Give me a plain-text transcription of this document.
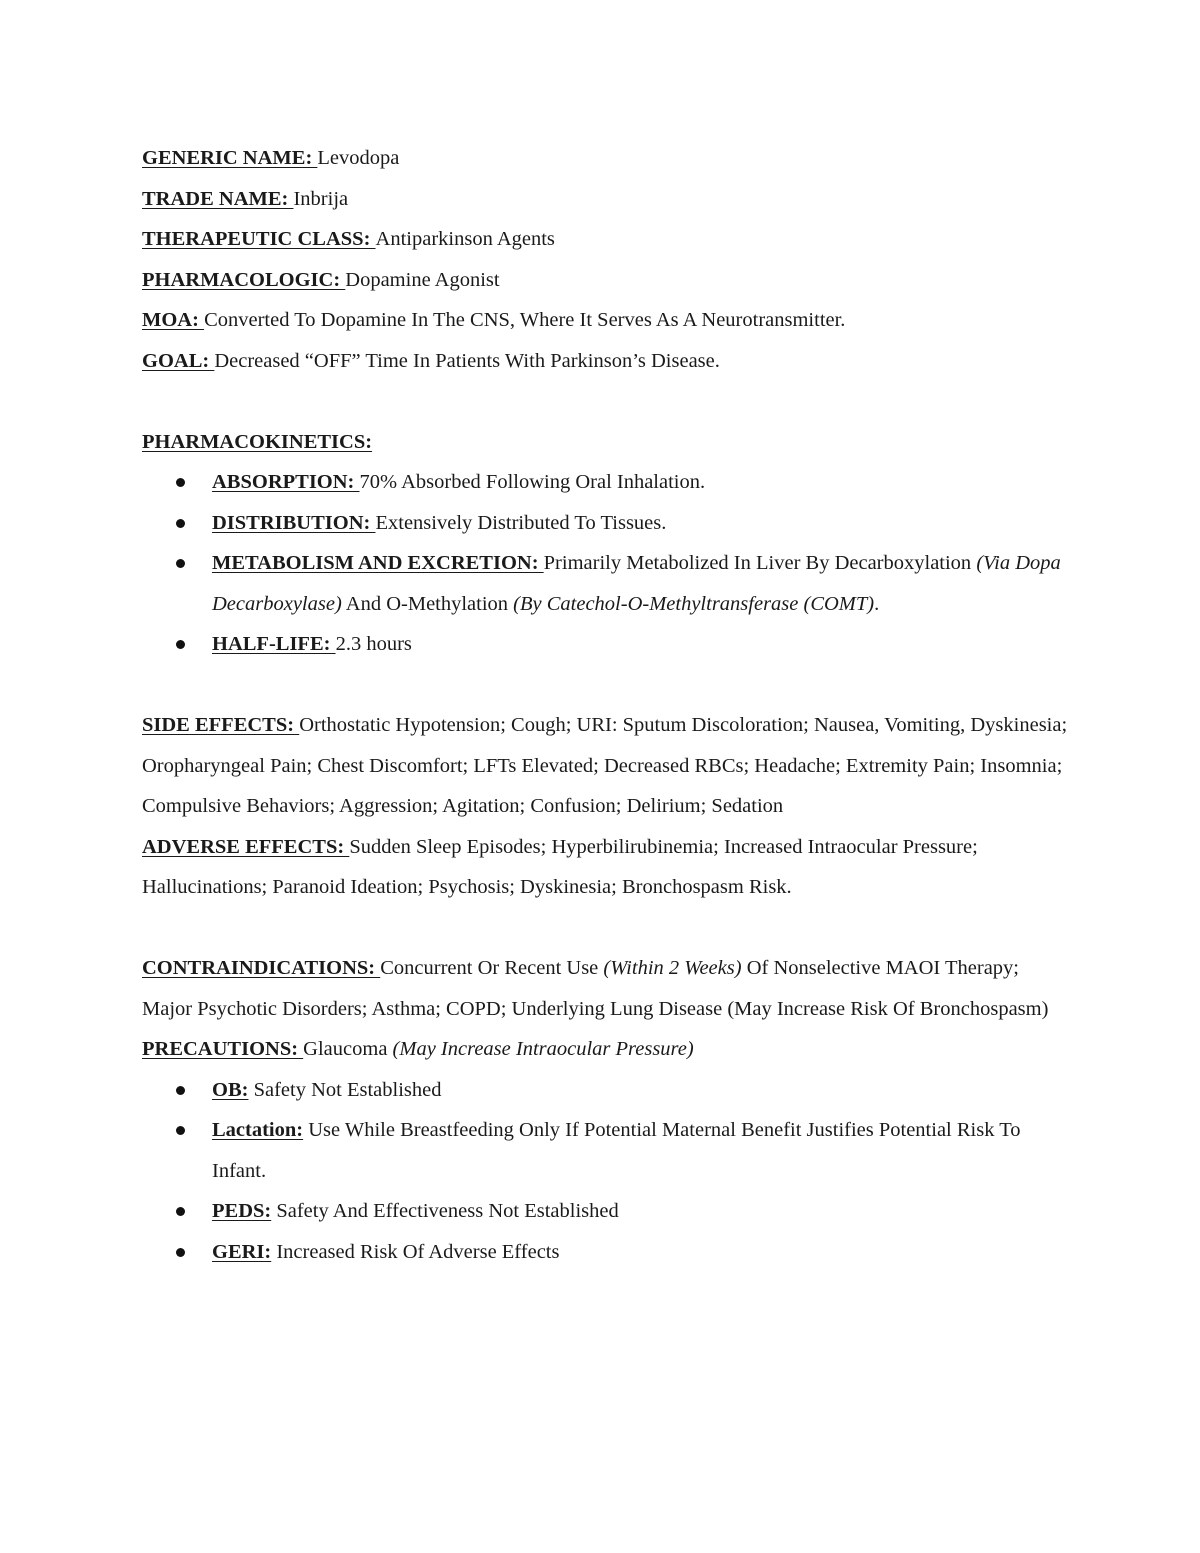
GENERIC NAME: Levodopa

TRADE NAME: Inbrija

THERAPEUTIC CLASS: Antiparkinson Agents

PHARMACOLOGIC: Dopamine Agonist

MOA: Converted To Dopamine In The CNS, Where It Serves As A Neurotransmitter.

GOAL: Decreased “OFF” Time In Patients With Parkinson’s Disease.

PHARMACOKINETICS:

ABSORPTION: 70% Absorbed Following Oral Inhalation.
DISTRIBUTION: Extensively Distributed To Tissues.
METABOLISM AND EXCRETION: Primarily Metabolized In Liver By Decarboxylation (Via Dopa Decarboxylase) And O-Methylation (By Catechol-O-Methyltransferase (COMT).
HALF-LIFE: 2.3 hours

SIDE EFFECTS: Orthostatic Hypotension; Cough; URI: Sputum Discoloration; Nausea, Vomiting, Dyskinesia; Oropharyngeal Pain; Chest Discomfort; LFTs Elevated; Decreased RBCs; Headache; Extremity Pain; Insomnia; Compulsive Behaviors; Aggression; Agitation; Confusion; Delirium; Sedation

ADVERSE EFFECTS: Sudden Sleep Episodes; Hyperbilirubinemia; Increased Intraocular Pressure; Hallucinations; Paranoid Ideation; Psychosis; Dyskinesia; Bronchospasm Risk.

CONTRAINDICATIONS: Concurrent Or Recent Use (Within 2 Weeks) Of Nonselective MAOI Therapy; Major Psychotic Disorders; Asthma; COPD; Underlying Lung Disease (May Increase Risk Of Bronchospasm)

PRECAUTIONS: Glaucoma (May Increase Intraocular Pressure)

OB: Safety Not Established
Lactation: Use While Breastfeeding Only If Potential Maternal Benefit Justifies Potential Risk To Infant.
PEDS: Safety And Effectiveness Not Established
GERI: Increased Risk Of Adverse Effects
